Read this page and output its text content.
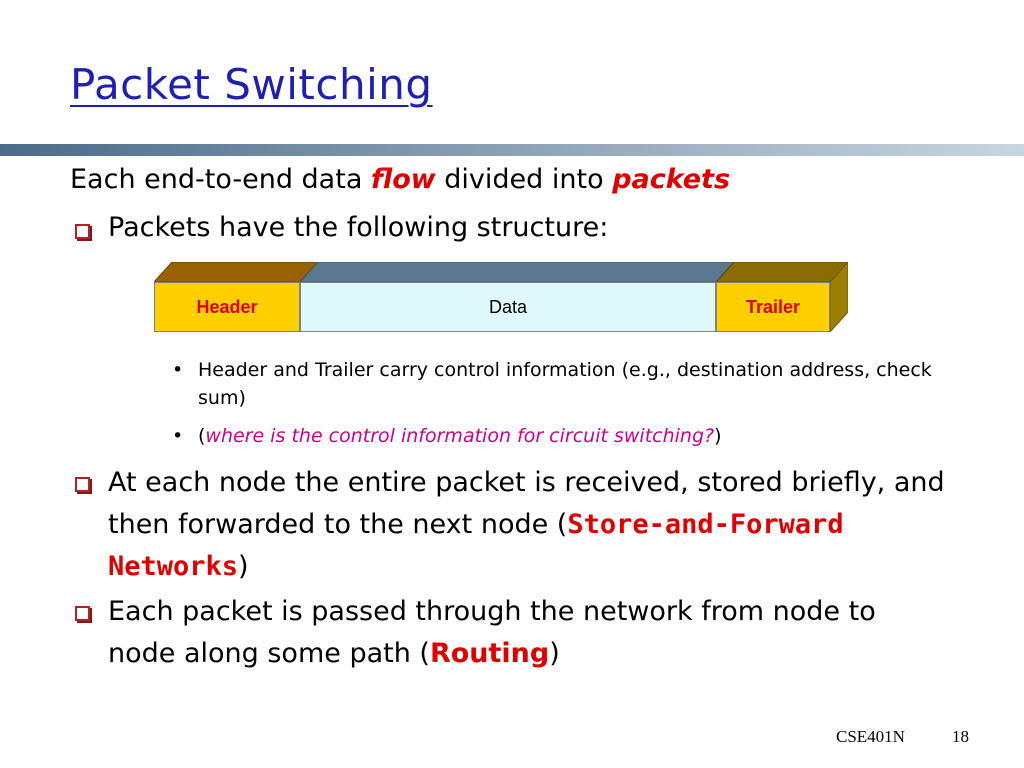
Packet Switching
Each end-to-end data flow divided into packets
Packets have the following structure:
Header	Data	Trailer
• Header and Trailer carry control information (e.g., destination address, check sum)
• (where is the control information for circuit switching?)
At each node the entire packet is received, stored briefly, and then forwarded to the next node (Store-and-Forward Networks)
Each packet is passed through the network from node to node along some path (Routing)
CSE401N	18
